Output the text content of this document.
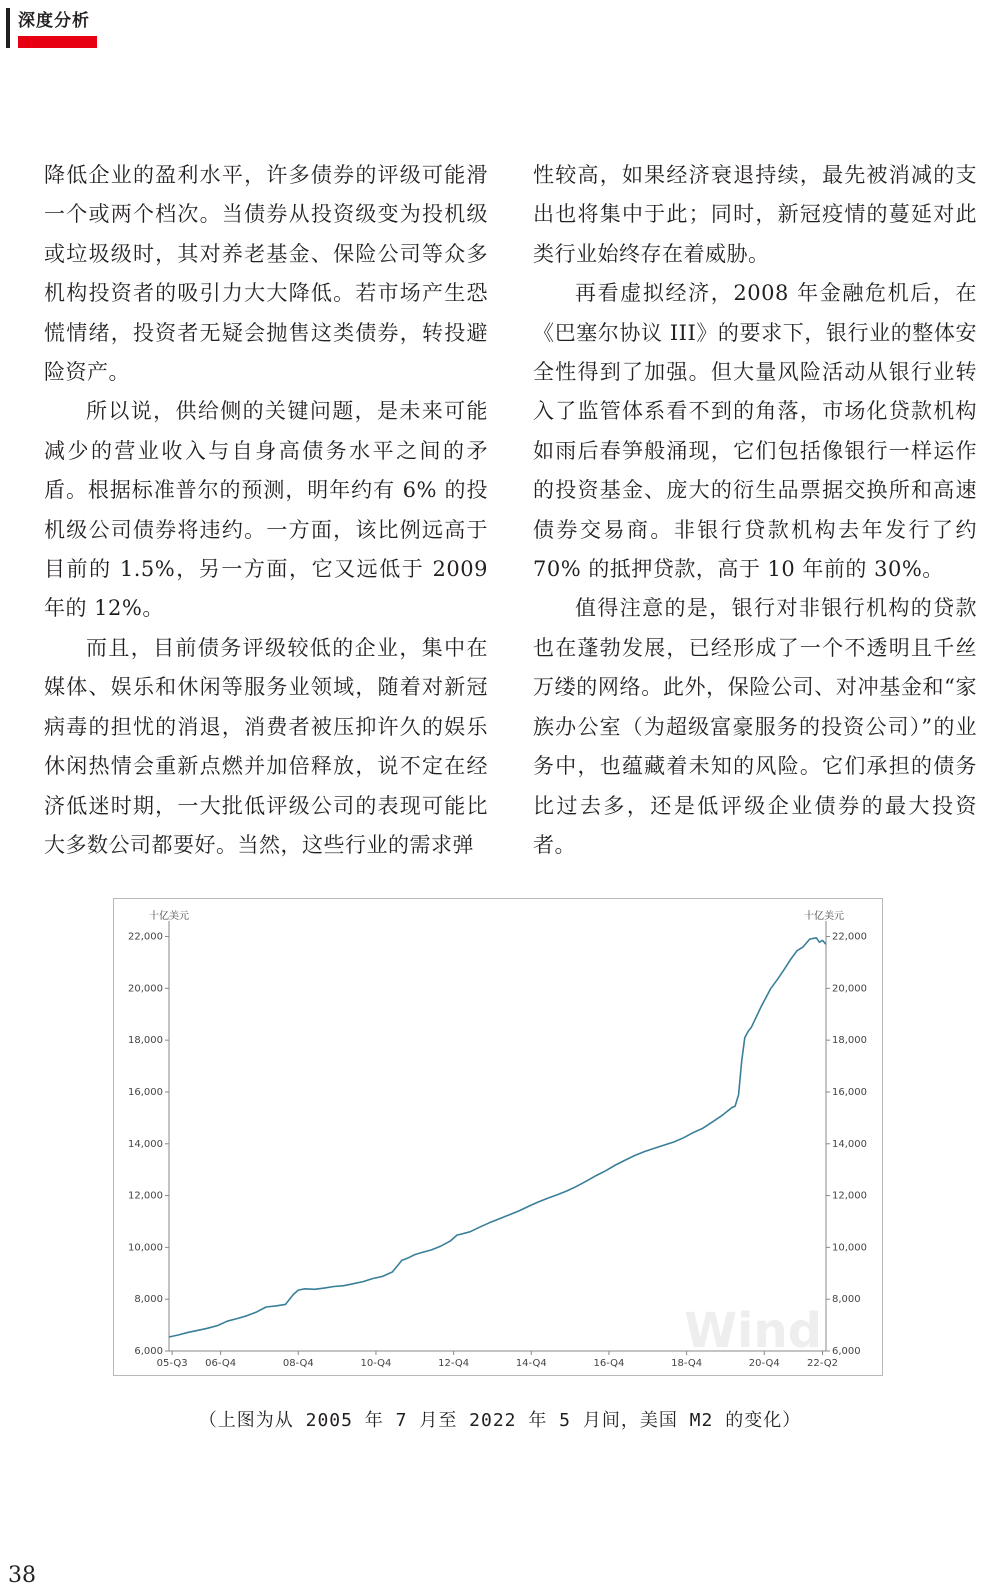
深度分析

降低企业的盈利水平，许多债券的评级可能滑一个或两个档次。当债券从投资级变为投机级或垃圾级时，其对养老基金、保险公司等众多机构投资者的吸引力大大降低。若市场产生恐慌情绪，投资者无疑会抛售这类债券，转投避险资产。

所以说，供给侧的关键问题，是未来可能减少的营业收入与自身高债务水平之间的矛盾。根据标准普尔的预测，明年约有 6% 的投机级公司债券将违约。一方面，该比例远高于目前的 1.5%，另一方面，它又远低于 2009 年的 12%。

而且，目前债务评级较低的企业，集中在媒体、娱乐和休闲等服务业领域，随着对新冠病毒的担忧的消退，消费者被压抑许久的娱乐休闲热情会重新点燃并加倍释放，说不定在经济低迷时期，一大批低评级公司的表现可能比大多数公司都要好。当然，这些行业的需求弹

性较高，如果经济衰退持续，最先被消减的支出也将集中于此；同时，新冠疫情的蔓延对此类行业始终存在着威胁。

再看虚拟经济，2008 年金融危机后，在《巴塞尔协议 III》的要求下，银行业的整体安全性得到了加强。但大量风险活动从银行业转入了监管体系看不到的角落，市场化贷款机构如雨后春笋般涌现，它们包括像银行一样运作的投资基金、庞大的衍生品票据交换所和高速债券交易商。非银行贷款机构去年发行了约 70% 的抵押贷款，高于 10 年前的 30%。

值得注意的是，银行对非银行机构的贷款也在蓬勃发展，已经形成了一个不透明且千丝万缕的网络。此外，保险公司、对冲基金和“家族办公室（为超级富豪服务的投资公司）”的业务中，也蕴藏着未知的风险。它们承担的债务比过去多，还是低评级企业债券的最大投资者。

Wind
十亿美元	十亿美元
6,000	6,000
8,000	8,000
10,000	10,000
12,000	12,000
14,000	14,000
16,000	16,000
18,000	18,000
20,000	20,000
22,000	22,000
05-Q3 06-Q4	08-Q4	10-Q4	12-Q4	14-Q4	16-Q4	18-Q4	20-Q4	22-Q2
（上图为从 2005 年 7 月至 2022 年 5 月间，美国 M2 的变化）
38
